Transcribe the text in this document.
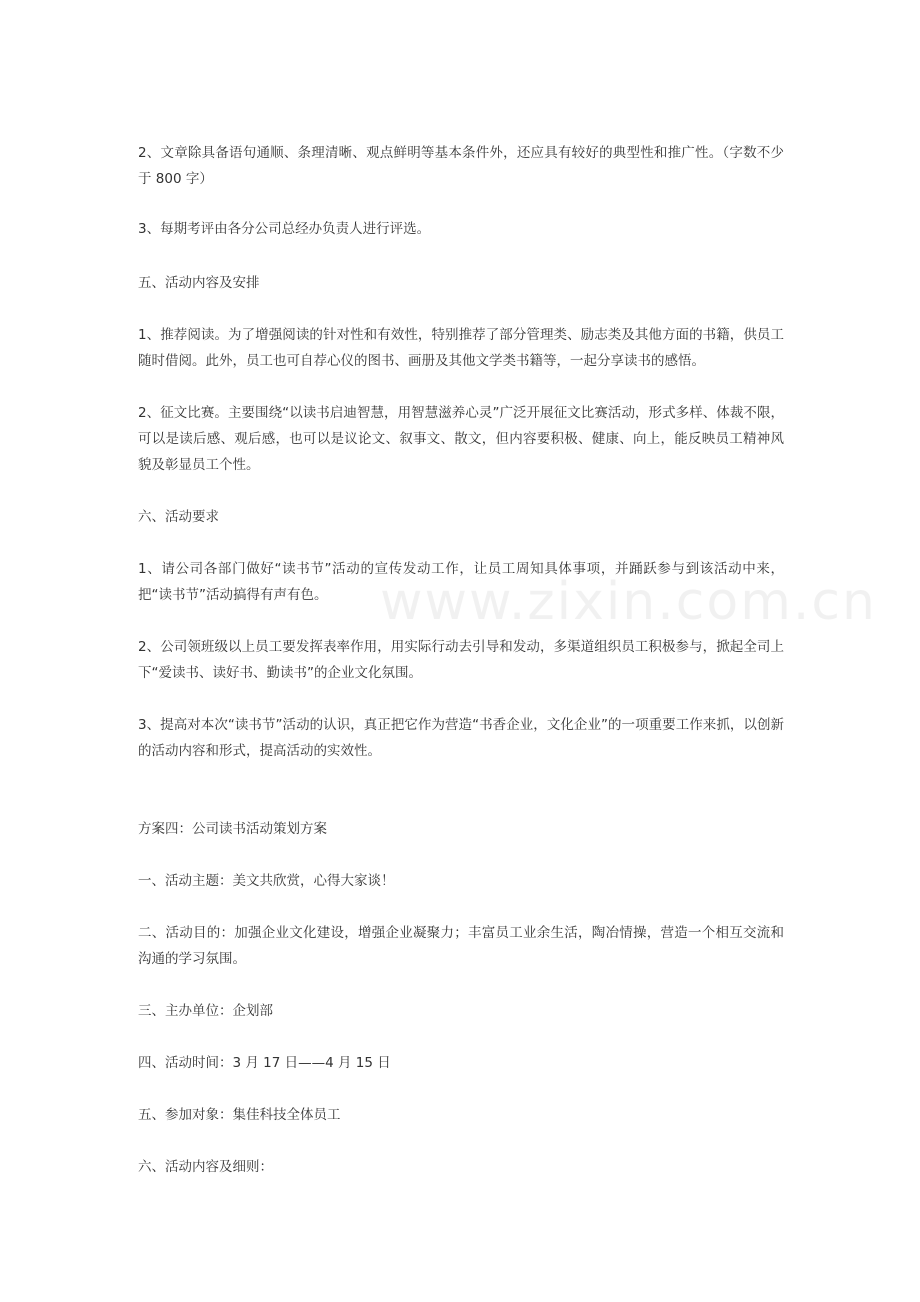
www.zixin.com.cn

2、文章除具备语句通顺、条理清晰、观点鲜明等基本条件外，还应具有较好的典型性和推广性。（字数不少于 800 字）

3、每期考评由各分公司总经办负责人进行评选。

五、活动内容及安排

1、推荐阅读。为了增强阅读的针对性和有效性，特别推荐了部分管理类、励志类及其他方面的书籍，供员工随时借阅。此外，员工也可自荐心仪的图书、画册及其他文学类书籍等，一起分享读书的感悟。

2、征文比赛。主要围绕“以读书启迪智慧，用智慧滋养心灵”广泛开展征文比赛活动，形式多样、体裁不限，可以是读后感、观后感，也可以是议论文、叙事文、散文，但内容要积极、健康、向上，能反映员工精神风貌及彰显员工个性。

六、活动要求

1、请公司各部门做好“读书节”活动的宣传发动工作，让员工周知具体事项，并踊跃参与到该活动中来，把“读书节”活动搞得有声有色。

2、公司领班级以上员工要发挥表率作用，用实际行动去引导和发动，多渠道组织员工积极参与，掀起全司上下“爱读书、读好书、勤读书”的企业文化氛围。

3、提高对本次“读书节”活动的认识，真正把它作为营造“书香企业，文化企业”的一项重要工作来抓，以创新的活动内容和形式，提高活动的实效性。

方案四：公司读书活动策划方案

一、活动主题：美文共欣赏，心得大家谈！

二、活动目的：加强企业文化建设，增强企业凝聚力；丰富员工业余生活，陶冶情操，营造一个相互交流和沟通的学习氛围。

三、主办单位：企划部

四、活动时间：3 月 17 日——4 月 15 日

五、参加对象：集佳科技全体员工

六、活动内容及细则：
